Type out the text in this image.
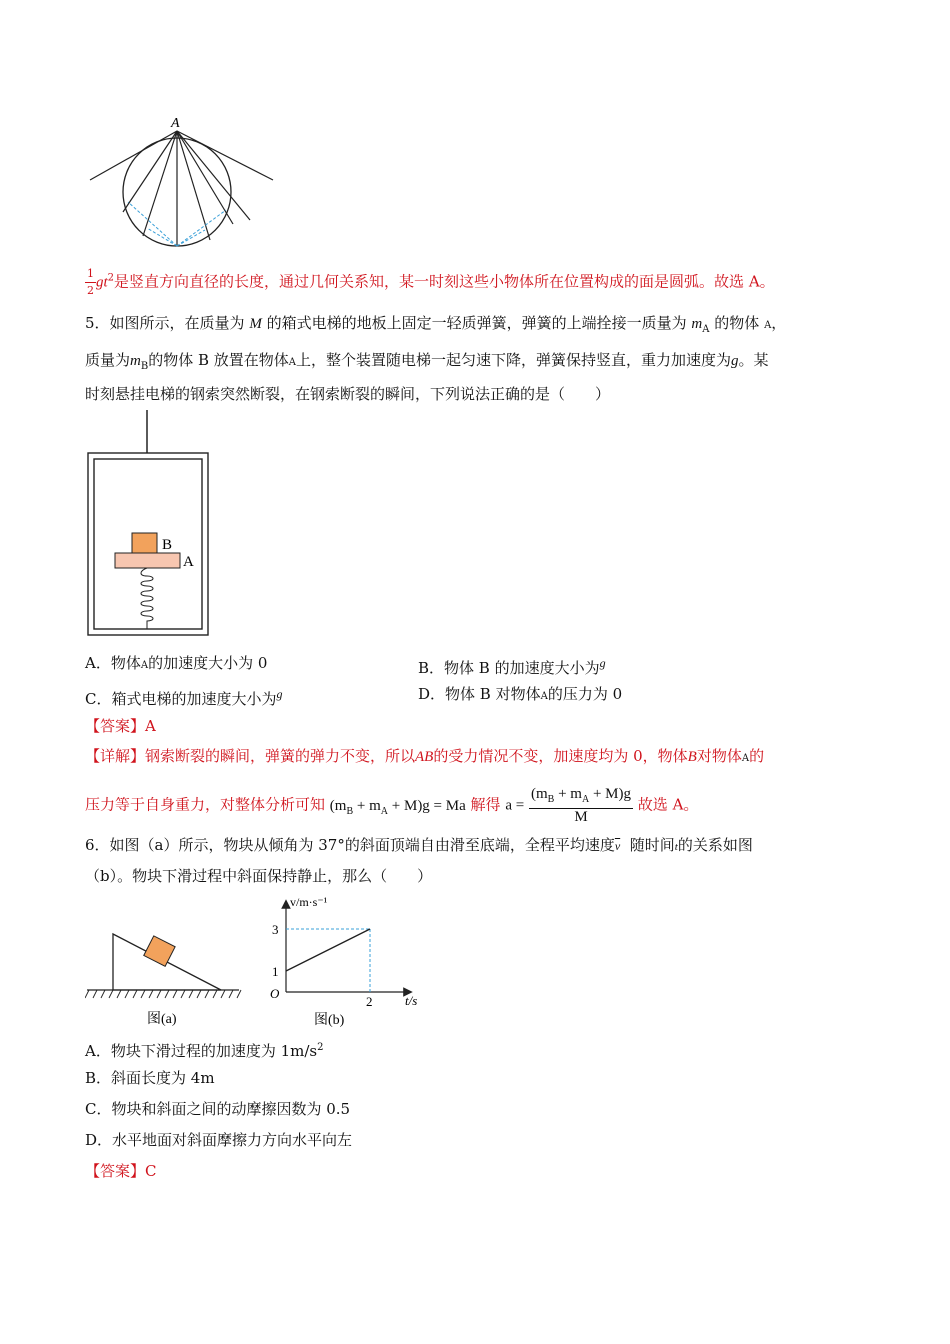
A
$\frac{1}{2} gt^2$是竖直方向直径的长度，通过几何关系知，某一时刻这些小物体所在位置构成的面是圆弧。故选 A。
5．如图所示，在质量为 M 的箱式电梯的地板上固定一轻质弹簧，弹簧的上端拴接一质量为 $m_A$ 的物体 A，
质量为$m_B$的物体 B 放置在物体A上，整个装置随电梯一起匀速下降，弹簧保持竖直，重力加速度为g。某
时刻悬挂电梯的钢索突然断裂，在钢索断裂的瞬间，下列说法正确的是（　　）
B
A
A．物体A的加速度大小为 0	B．物体 B 的加速度大小为$^g$
C．箱式电梯的加速度大小为$^g$	D．物体 B 对物体A的压力为 0
【答案】A
【详解】钢索断裂的瞬间，弹簧的弹力不变，所以AB的受力情况不变，加速度均为 0，物体B对物体A的
压力等于自身重力，对整体分析可知 $(m_B + m_A + M)g = Ma$ 解得 $a = \frac{(m_B + m_A + M)g}{M}$ 故选 A。
6．如图（a）所示，物块从倾角为 37°的斜面顶端自由滑至底端，全程平均速度$\overline{v}$ 随时间t的关系如图
（b）。物块下滑过程中斜面保持静止，那么（　　）
图(a)
v/m·s⁻¹
t/s
O
1
3
2
图(b)
A．物块下滑过程的加速度为 $1m/s^2$
B．斜面长度为 4m
C．物块和斜面之间的动摩擦因数为 0.5
D．水平地面对斜面摩擦力方向水平向左
【答案】C
